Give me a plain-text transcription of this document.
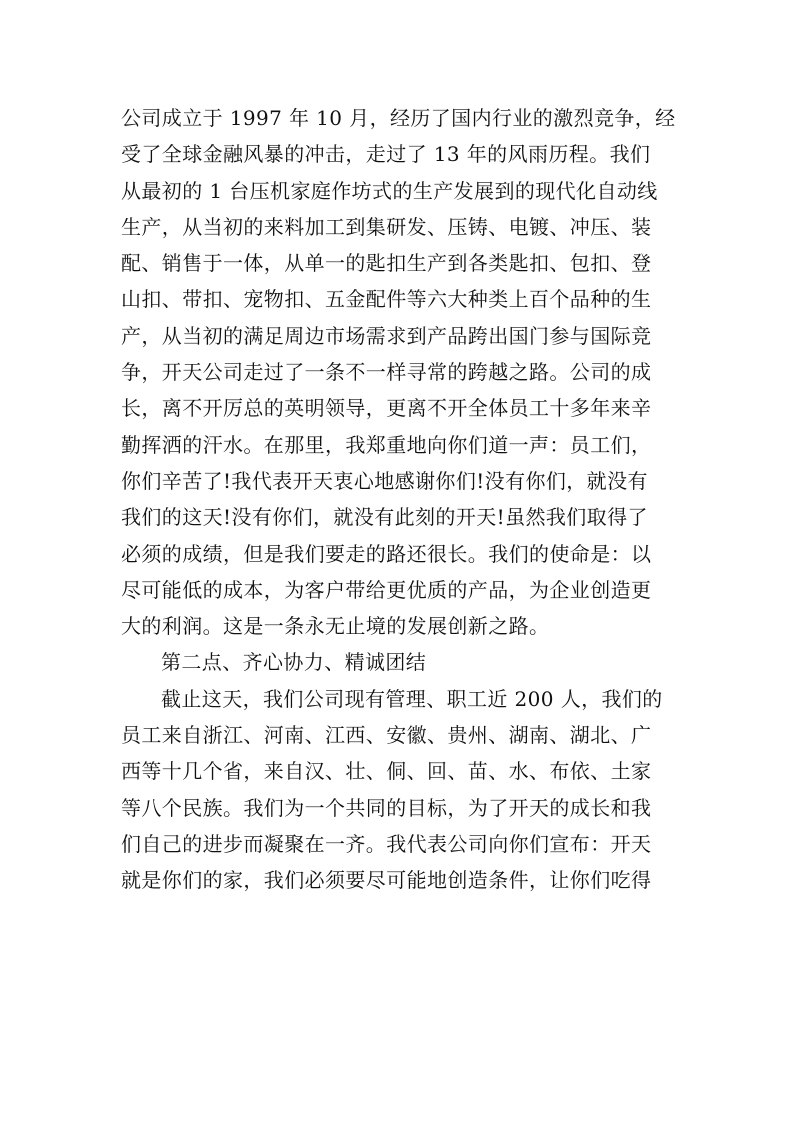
公司成立于 1997 年 10 月，经历了国内行业的激烈竞争，经
受了全球金融风暴的冲击，走过了 13 年的风雨历程。我们
从最初的 1 台压机家庭作坊式的生产发展到的现代化自动线
生产，从当初的来料加工到集研发、压铸、电镀、冲压、装
配、销售于一体，从单一的匙扣生产到各类匙扣、包扣、登
山扣、带扣、宠物扣、五金配件等六大种类上百个品种的生
产，从当初的满足周边市场需求到产品跨出国门参与国际竞
争，开天公司走过了一条不一样寻常的跨越之路。公司的成
长，离不开厉总的英明领导，更离不开全体员工十多年来辛
勤挥洒的汗水。在那里，我郑重地向你们道一声：员工们，
你们辛苦了!我代表开天衷心地感谢你们!没有你们，就没有
我们的这天!没有你们，就没有此刻的开天!虽然我们取得了
必须的成绩，但是我们要走的路还很长。我们的使命是：以
尽可能低的成本，为客户带给更优质的产品，为企业创造更
大的利润。这是一条永无止境的发展创新之路。
第二点、齐心协力、精诚团结
截止这天，我们公司现有管理、职工近 200 人，我们的
员工来自浙江、河南、江西、安徽、贵州、湖南、湖北、广
西等十几个省，来自汉、壮、侗、回、苗、水、布依、土家
等八个民族。我们为一个共同的目标，为了开天的成长和我
们自己的进步而凝聚在一齐。我代表公司向你们宣布：开天
就是你们的家，我们必须要尽可能地创造条件，让你们吃得
